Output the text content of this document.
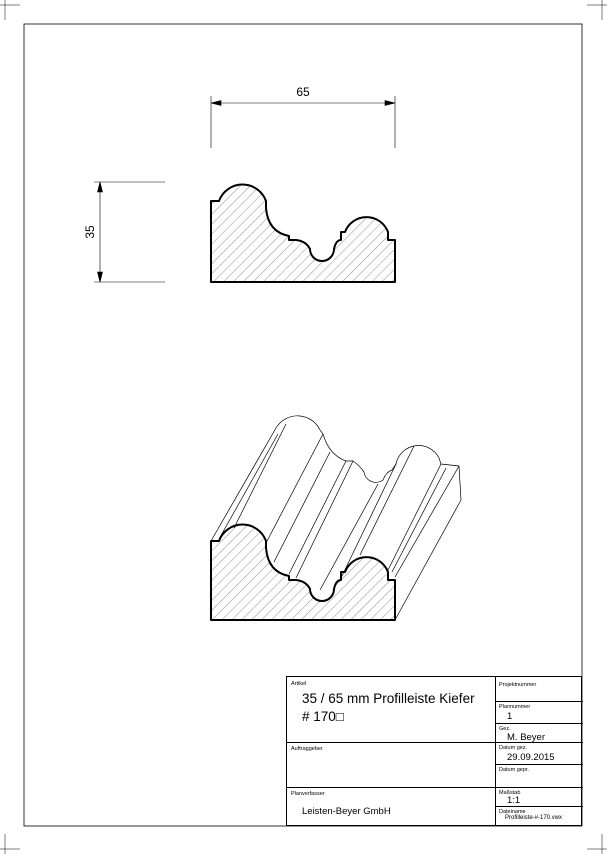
65
35
Artikel
35 / 65 mm Profilleiste Kiefer
# 170□
Auftraggeber
Planverfasser
Leisten-Beyer GmbH
Projektnummer
Plannummer
1
Gez.
M. Beyer
Datum gez.
29.09.2015
Datum gepr.
Maßstab
1:1
Dateiname
Profilleiste-#-170.vwx
